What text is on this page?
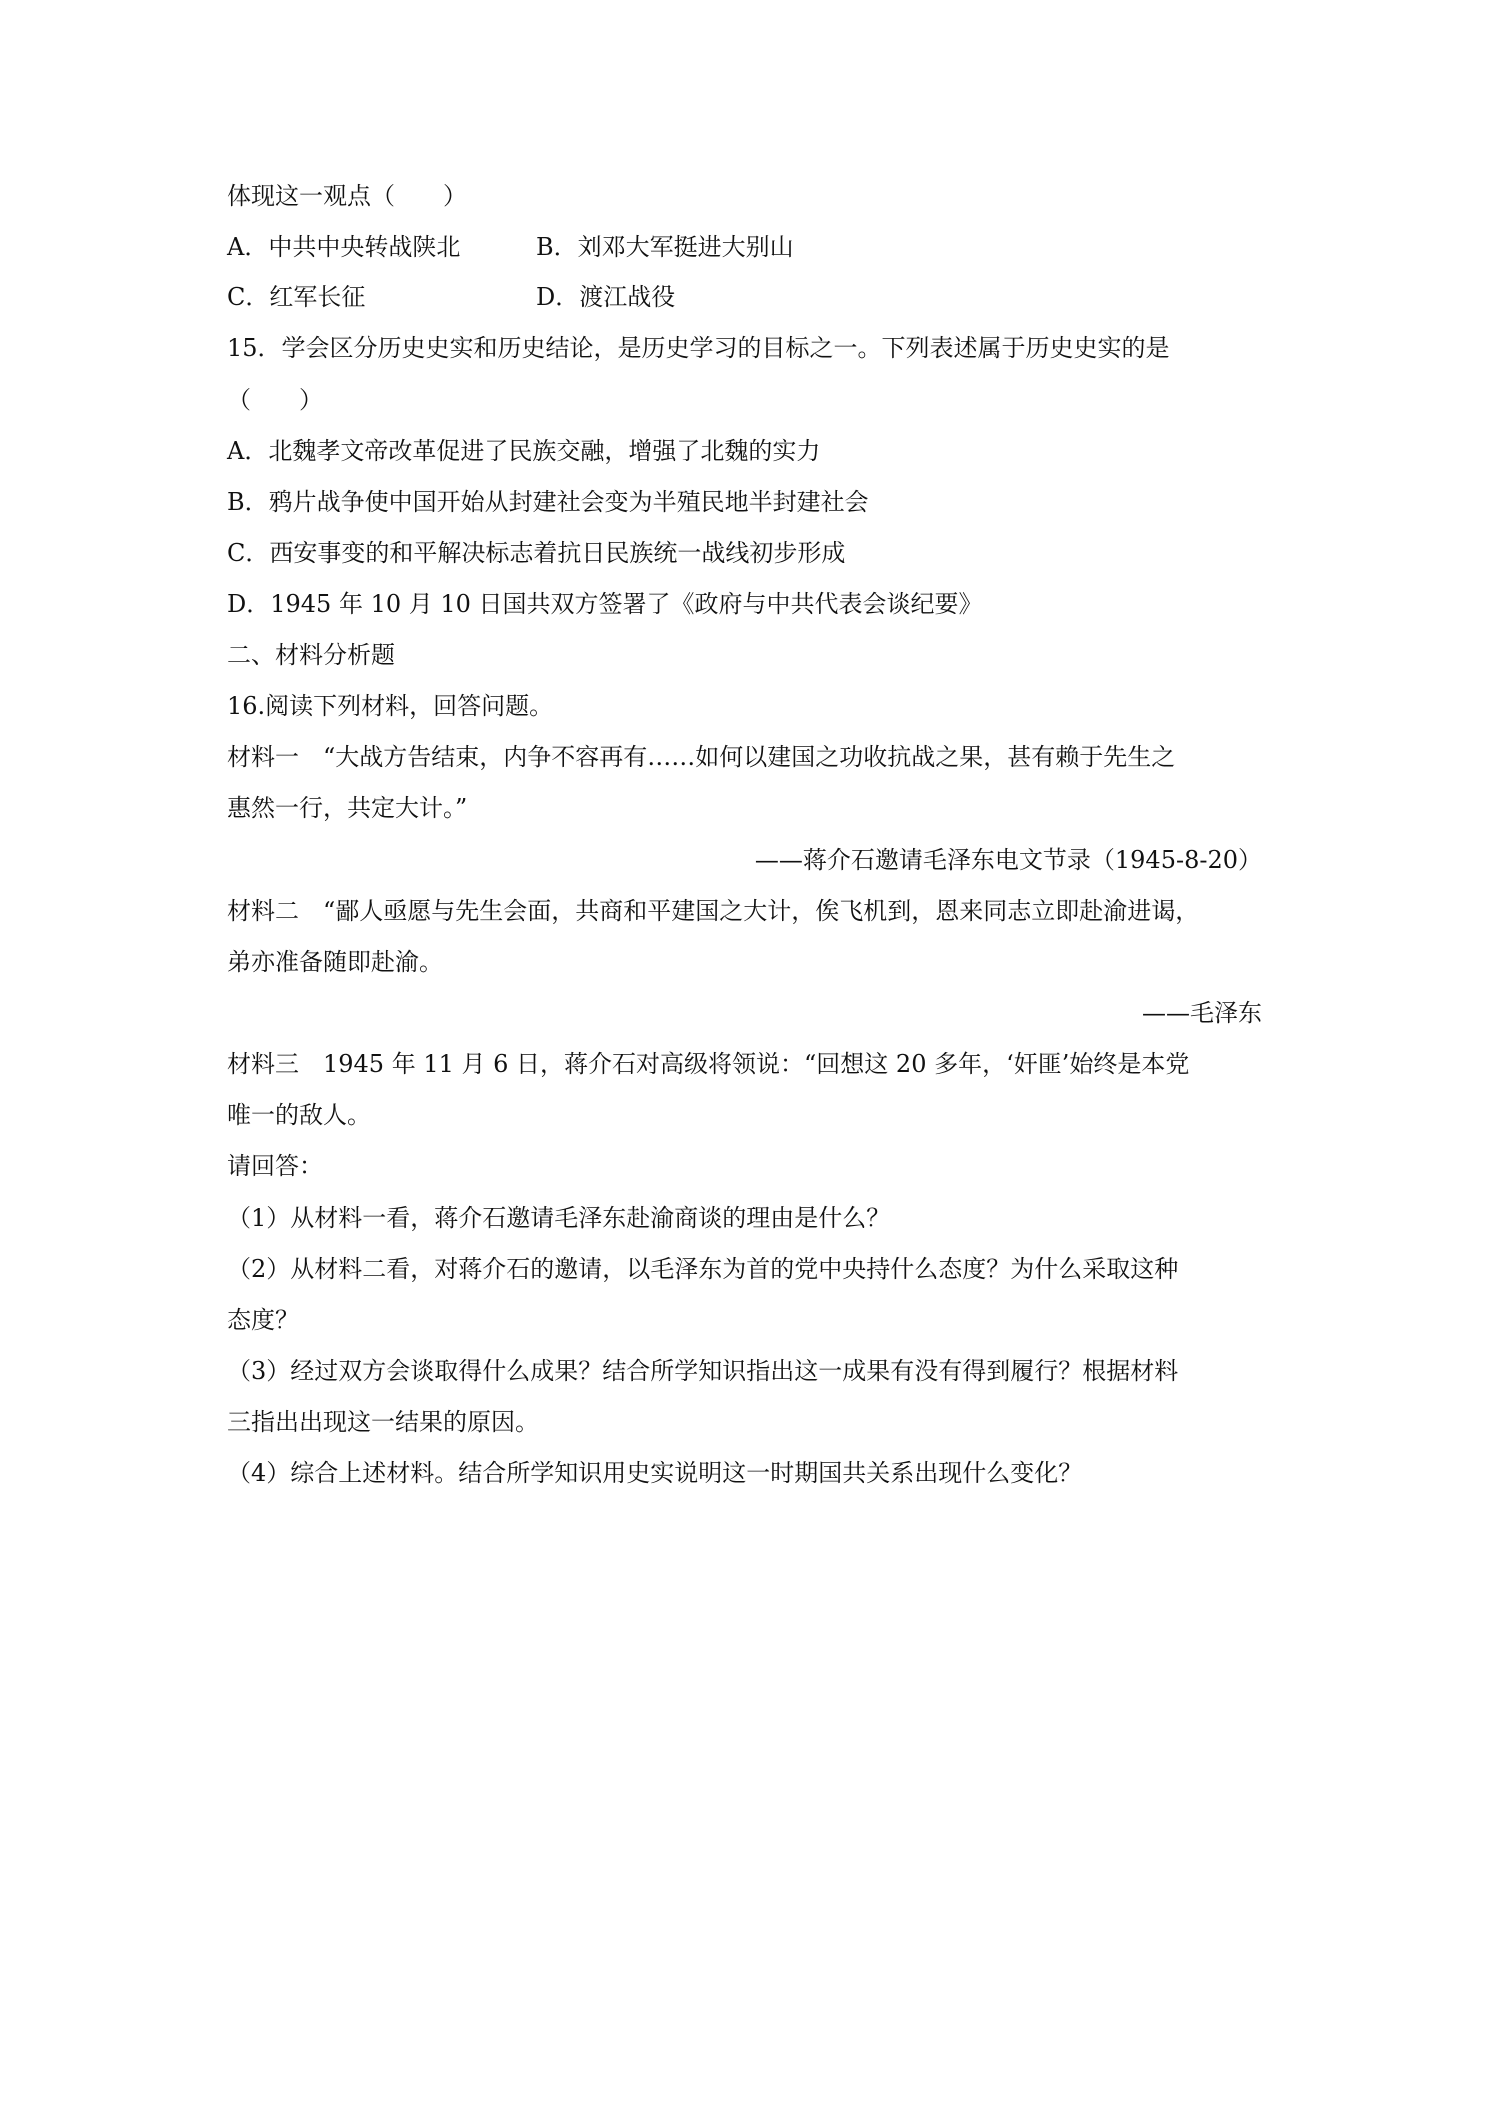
体现这一观点（　　）
A．中共中央转战陕北	B．刘邓大军挺进大别山
C．红军长征	D．渡江战役
15．学会区分历史史实和历史结论，是历史学习的目标之一。下列表述属于历史史实的是
（　　）
A．北魏孝文帝改革促进了民族交融，增强了北魏的实力
B．鸦片战争使中国开始从封建社会变为半殖民地半封建社会
C．西安事变的和平解决标志着抗日民族统一战线初步形成
D．1945 年 10 月 10 日国共双方签署了《政府与中共代表会谈纪要》
二、材料分析题
16.阅读下列材料，回答问题。
材料一　“大战方告结束，内争不容再有……如何以建国之功收抗战之果，甚有赖于先生之
惠然一行，共定大计。”
——蒋介石邀请毛泽东电文节录（1945-8-20）
材料二　“鄙人亟愿与先生会面，共商和平建国之大计，俟飞机到，恩来同志立即赴渝进谒，
弟亦准备随即赴渝。
——毛泽东
材料三　1945 年 11 月 6 日，蒋介石对高级将领说：“回想这 20 多年，‘奸匪’始终是本党
唯一的敌人。
请回答：
（1）从材料一看，蒋介石邀请毛泽东赴渝商谈的理由是什么？
（2）从材料二看，对蒋介石的邀请，以毛泽东为首的党中央持什么态度？为什么采取这种
态度？
（3）经过双方会谈取得什么成果？结合所学知识指出这一成果有没有得到履行？根据材料
三指出出现这一结果的原因。
（4）综合上述材料。结合所学知识用史实说明这一时期国共关系出现什么变化？
